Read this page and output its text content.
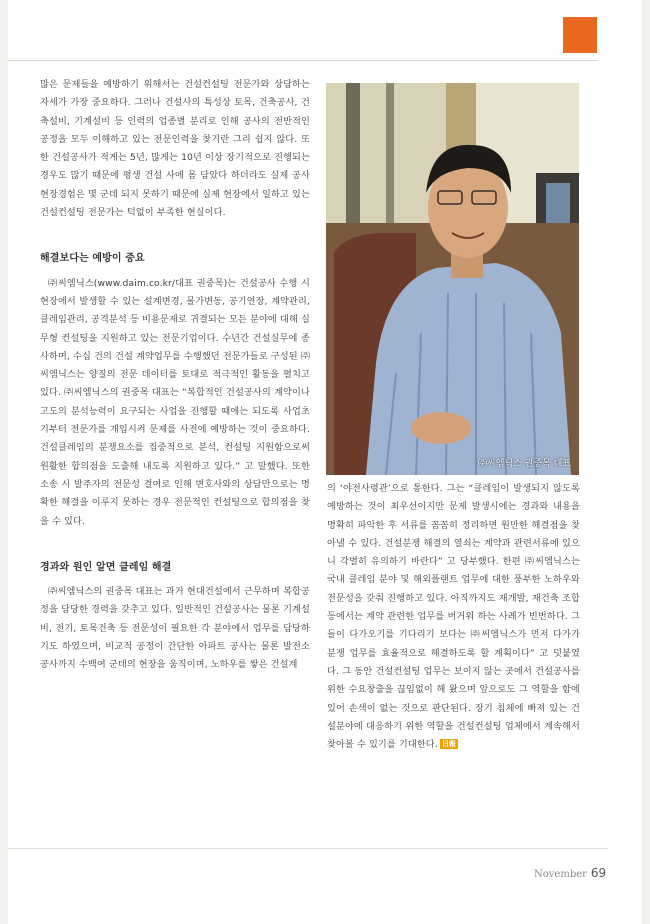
많은 문제들을 예방하기 위해서는 건설컨설팅 전문가와 상담하는 자세가 가장 중요하다. 그러나 건설사의 특성상 토목, 건축공사, 건축설비, 기계설비 등 인력의 업종별 분리로 인해 공사의 전반적인 공정을 모두 이해하고 있는 전문인력을 찾기란 그리 쉽지 않다. 또한 건설공사가 적게는 5년, 많게는 10년 이상 장기적으로 진행되는 경우도 많기 때문에 평생 건설 사에 몸 담았다 하더라도 실제 공사현장경험은 몇 군데 되지 못하기 때문에 실제 현장에서 일하고 있는 건설컨설팅 전문가는 턱없이 부족한 현실이다.

해결보다는 예방이 중요

㈜씨엠닉스(www.daim.co.kr/대표 권중목)는 건설공사 수행 시 현장에서 발생할 수 있는 설계변경, 물가변동, 공기연장, 계약관리, 클레임관리, 공격분석 등 비용문제로 귀결되는 모든 분야에 대해 실무형 컨설팅을 지원하고 있는 전문기업이다. 수년간 건설실무에 종사하며, 수십 건의 건설 계약업무를 수행했던 전문가들로 구성된 ㈜씨엠닉스는 양질의 전문 데이터를 토대로 적극적인 활동을 펼치고 있다. ㈜씨엠닉스의 권중목 대표는 “복합적인 건설공사의 계약이나 고도의 분석능력이 요구되는 사업을 진행할 때에는 되도록 사업초기부터 전문가를 개입시켜 문제를 사전에 예방하는 것이 중요하다. 건설클레임의 분쟁요소를 집중적으로 분석, 컨설팅 지원함으로써 원활한 합의점을 도출해 내도록 지원하고 있다.” 고 말했다. 또한 소송 시 발주자의 전문성 결여로 인해 변호사와의 상담만으로는 명확한 해결을 이루지 못하는 경우 전문적인 컨설팅으로 합의점을 찾을 수 있다.

경과와 원인 알면 클레임 해결

㈜씨엠닉스의 권중목 대표는 과거 현대건설에서 근무하며 복합공정을 담당한 경력을 갖추고 있다. 일반적인 건설공사는 물론 기계설비, 전기, 토목건축 등 전문성이 필요한 각 분야에서 업무를 담당하기도 하였으며, 비교적 공정이 간단한 아파트 공사는 물론 발전소 공사까지 수백여 군데의 현장을 움직이며, 노하우를 쌓은 건설계

㈜씨엠닉스 권중목 대표

의 ‘야전사령관’으로 통한다. 그는 “클레임이 발생되지 않도록 예방하는 것이 최우선이지만 문제 발생시에는 경과와 내용을 명확히 파악한 후 서류를 꼼꼼히 정리하면 원만한 해결점을 찾아낼 수 있다. 건설분쟁 해결의 열쇠는 계약과 관련서류에 있으니 각별히 유의하기 바란다” 고 당부했다. 한편 ㈜씨엠닉스는 국내 클레임 분야 및 해외플랜트 업무에 대한 풍부한 노하우와 전문성을 갖춰 진행하고 있다. 아직까지도 재개발, 재건축 조합 등에서는 계약 관련한 업무를 버거워 하는 사례가 빈번하다. 그들이 다가오기를 기다리기 보다는 ㈜씨엠닉스가 먼저 다가가 분쟁 업무를 효율적으로 해결하도록 할 계획이다” 고 덧붙였다. 그 동안 건설컨설팅 업무는 보이지 않는 곳에서 건설공사를 위한 수요창출을 끊임없이 해 왔으며 앞으로도 그 역할을 함에 있어 손색이 없는 것으로 판단된다. 장기 침체에 빠져 있는 건설분야에 대응하기 위한 역할을 건설컨설팅 업체에서 계속해서 찾아볼 수 있기를 기대한다. 日報

November 69
